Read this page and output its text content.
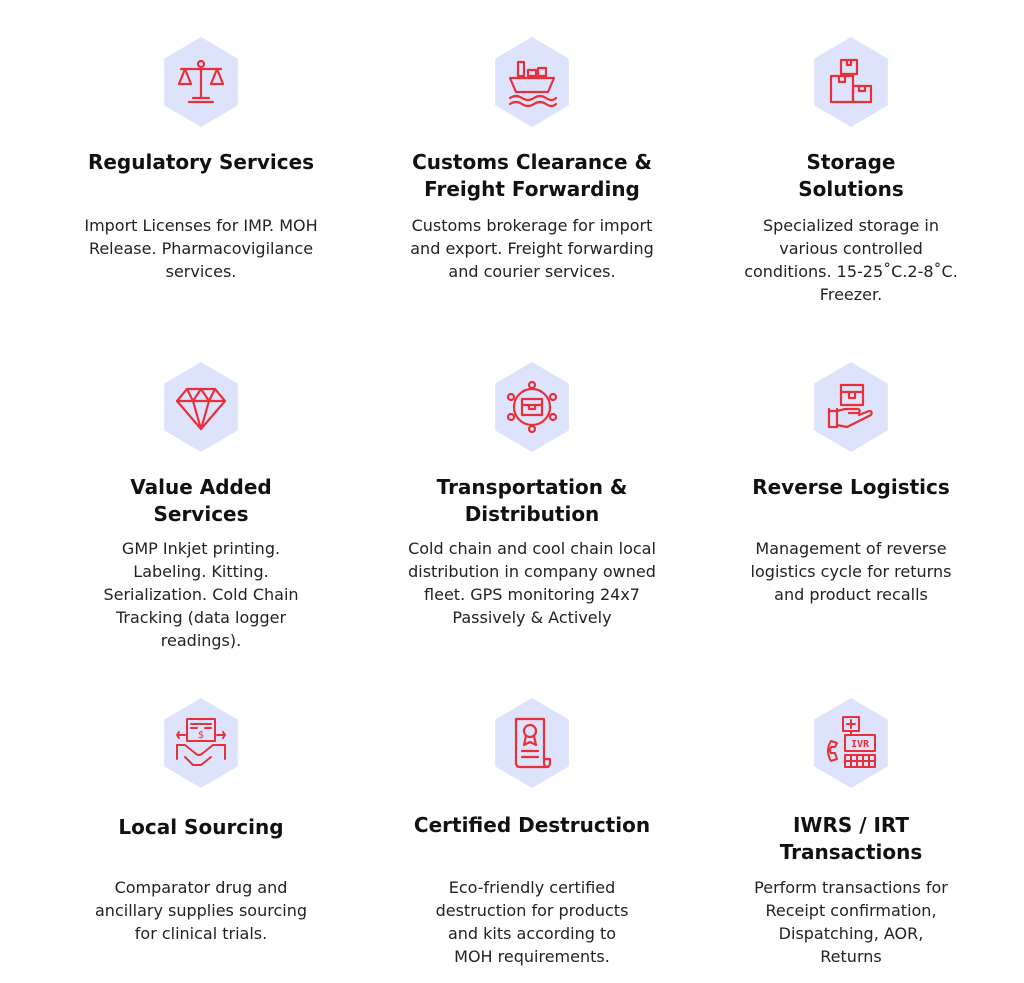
Regulatory Services
Import Licenses for IMP. MOH
Release. Pharmacovigilance
services.
Customs Clearance &
Freight Forwarding
Customs brokerage for import
and export. Freight forwarding
and courier services.
Storage
Solutions
Specialized storage in
various controlled
conditions. 15-25˚C.2-8˚C.
Freezer.
Value Added
Services
GMP Inkjet printing.
Labeling. Kitting.
Serialization. Cold Chain
Tracking (data logger
readings).
Transportation &
Distribution
Cold chain and cool chain local
distribution in company owned
fleet. GPS monitoring 24x7
Passively & Actively
Reverse Logistics
Management of reverse
logistics cycle for returns
and product recalls
$
Local Sourcing
Comparator drug and
ancillary supplies sourcing
for clinical trials.
Certified Destruction
Eco-friendly certified
destruction for products
and kits according to
MOH requirements.
IVR
IWRS / IRT
Transactions
Perform transactions for
Receipt confirmation,
Dispatching, AOR,
Returns
